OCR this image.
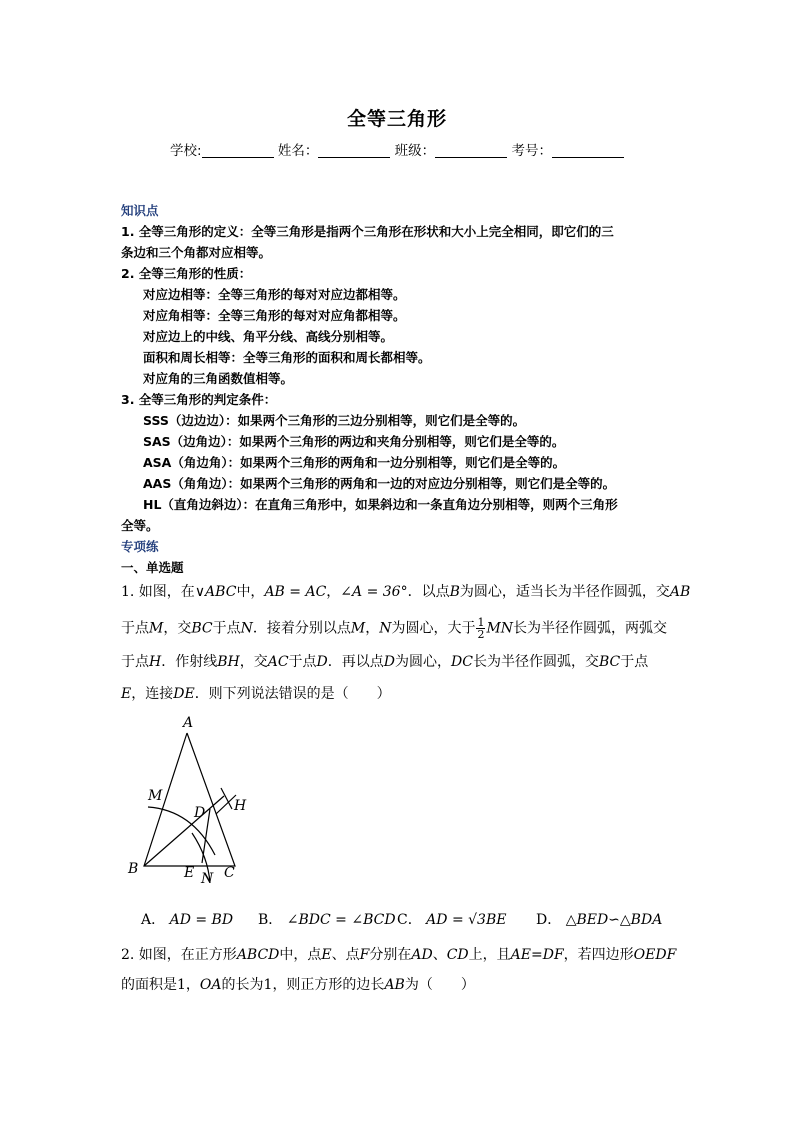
全等三角形
学校:	姓名：	班级：	考号：
知识点
1. 全等三角形的定义：全等三角形是指两个三角形在形状和大小上完全相同，即它们的三
条边和三个角都对应相等。
2. 全等三角形的性质：
对应边相等：全等三角形的每对对应边都相等。
对应角相等：全等三角形的每对对应角都相等。
对应边上的中线、角平分线、高线分别相等。
面积和周长相等：全等三角形的面积和周长都相等。
对应角的三角函数值相等。
3. 全等三角形的判定条件：
SSS（边边边）：如果两个三角形的三边分别相等，则它们是全等的。
SAS（边角边）：如果两个三角形的两边和夹角分别相等，则它们是全等的。
ASA（角边角）：如果两个三角形的两角和一边分别相等，则它们是全等的。
AAS（角角边）：如果两个三角形的两角和一边的对应边分别相等，则它们是全等的。
HL（直角边斜边）：在直角三角形中，如果斜边和一条直角边分别相等，则两个三角形
全等。
专项练
一、单选题
1. 如图，在∨ABC中，AB = AC，∠A = 36°．以点B为圆心，适当长为半径作圆弧，交AB
于点M，交BC于点N．接着分别以点M，N为圆心，大于 $\frac{1}{2}$ MN长为半径作圆弧，两弧交
于点H．作射线BH，交AC于点D．再以点D为圆心，DC长为半径作圆弧，交BC于点
E，连接DE．则下列说法错误的是（　　）
A
B	C
D
E
M
N
H
A． AD = BD B． ∠BDC = ∠BCD C． AD = √3BE D． △BED∽△BDA
2. 如图，在正方形ABCD中，点E、点F分别在AD、CD上，且AE=DF，若四边形OEDF
的面积是1，OA的长为1，则正方形的边长AB为（　　）
